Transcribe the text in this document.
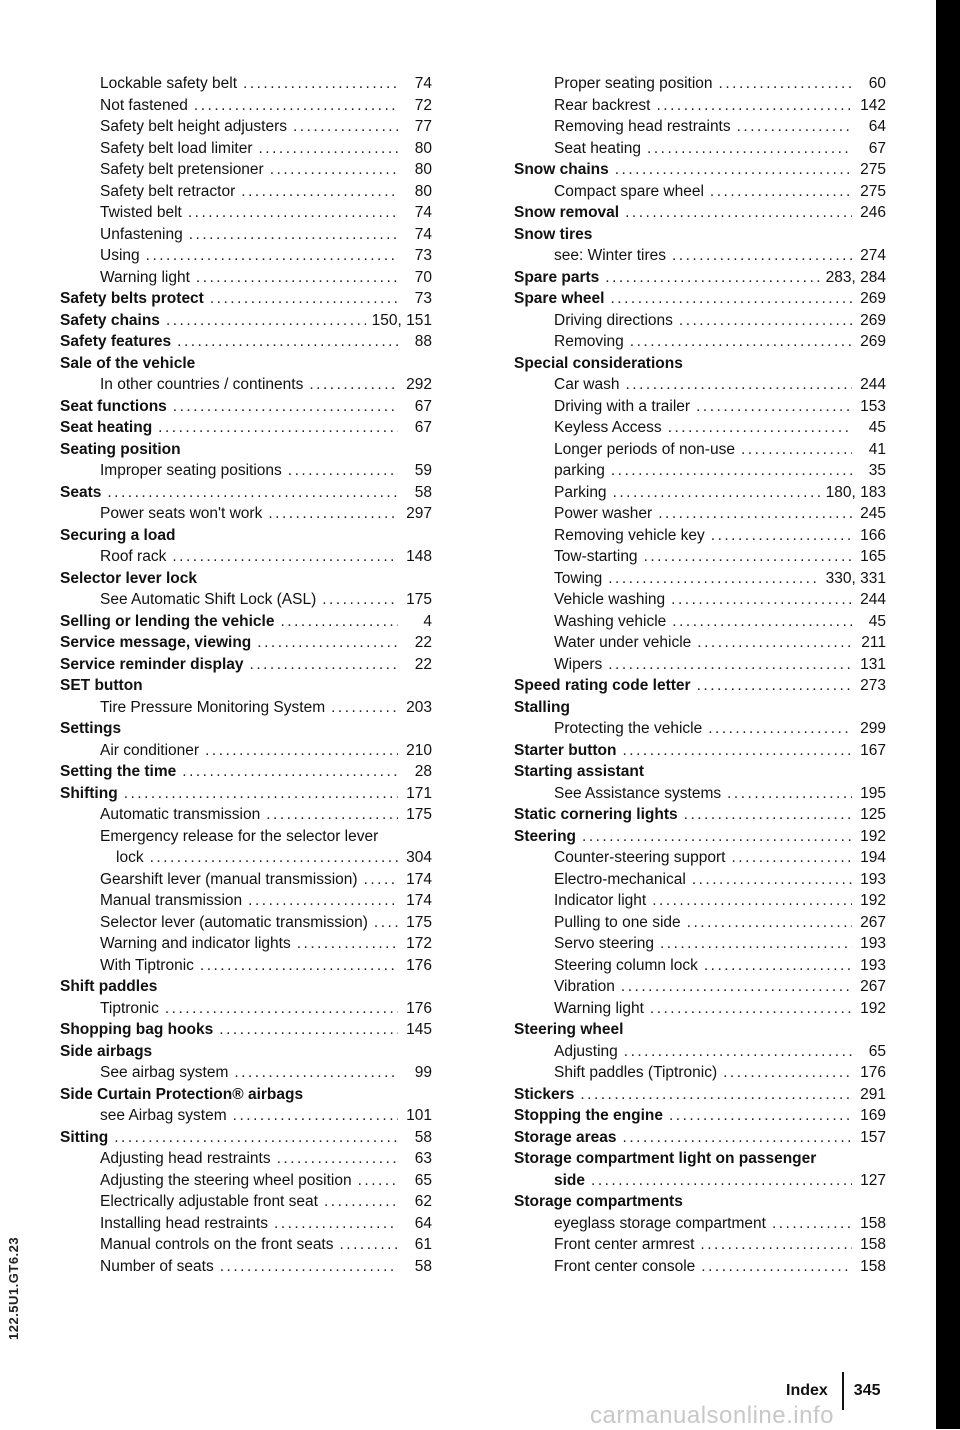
Lockable safety belt .....	74
Not fastened .....	72
Safety belt height adjusters .....	77
Safety belt load limiter .....	80
Safety belt pretensioner .....	80
Safety belt retractor .....	80
Twisted belt .....	74
Unfastening .....	74
Using .....	73
Warning light .....	70
Safety belts protect .....	73
Safety chains .....	150, 151
Safety features .....	88
Sale of the vehicle
In other countries / continents .....	292
Seat functions .....	67
Seat heating .....	67
Seating position
Improper seating positions .....	59
Seats .....	58
Power seats won't work .....	297
Securing a load
Roof rack .....	148
Selector lever lock
See Automatic Shift Lock (ASL) .....	175
Selling or lending the vehicle .....	4
Service message, viewing .....	22
Service reminder display .....	22
SET button
Tire Pressure Monitoring System .....	203
Settings
Air conditioner .....	210
Setting the time .....	28
Shifting .....	171
Automatic transmission .....	175
Emergency release for the selector lever
lock .....	304
Gearshift lever (manual transmission) .....	174
Manual transmission .....	174
Selector lever (automatic transmission) ..... 175
Warning and indicator lights .....	172
With Tiptronic .....	176
Shift paddles
Tiptronic .....	176
Shopping bag hooks .....	145
Side airbags
See airbag system .....	99
Side Curtain Protection® airbags
see Airbag system .....	101
Sitting .....	58
Adjusting head restraints .....	63
Adjusting the steering wheel position .....	65
Electrically adjustable front seat .....	62
Installing head restraints .....	64
Manual controls on the front seats .....	61
Number of seats .....	58
Proper seating position .....	60
Rear backrest .....	142
Removing head restraints .....	64
Seat heating .....	67
Snow chains .....	275
Compact spare wheel .....	275
Snow removal .....	246
Snow tires
see: Winter tires .....	274
Spare parts .....	283, 284
Spare wheel .....	269
Driving directions .....	269
Removing .....	269
Special considerations
Car wash .....	244
Driving with a trailer .....	153
Keyless Access .....	45
Longer periods of non-use .....	41
parking .....	35
Parking .....	180, 183
Power washer .....	245
Removing vehicle key .....	166
Tow-starting .....	165
Towing .....	330, 331
Vehicle washing .....	244
Washing vehicle .....	45
Water under vehicle .....	211
Wipers .....	131
Speed rating code letter .....	273
Stalling
Protecting the vehicle .....	299
Starter button .....	167
Starting assistant
See Assistance systems .....	195
Static cornering lights .....	125
Steering .....	192
Counter-steering support .....	194
Electro-mechanical .....	193
Indicator light .....	192
Pulling to one side .....	267
Servo steering .....	193
Steering column lock .....	193
Vibration .....	267
Warning light .....	192
Steering wheel
Adjusting .....	65
Shift paddles (Tiptronic) .....	176
Stickers .....	291
Stopping the engine .....	169
Storage areas .....	157
Storage compartment light on passenger
side .....	127
Storage compartments
eyeglass storage compartment .....	158
Front center armrest .....	158
Front center console .....	158
122.5U1.GT6.23
Index 345
carmanualsonline.info
